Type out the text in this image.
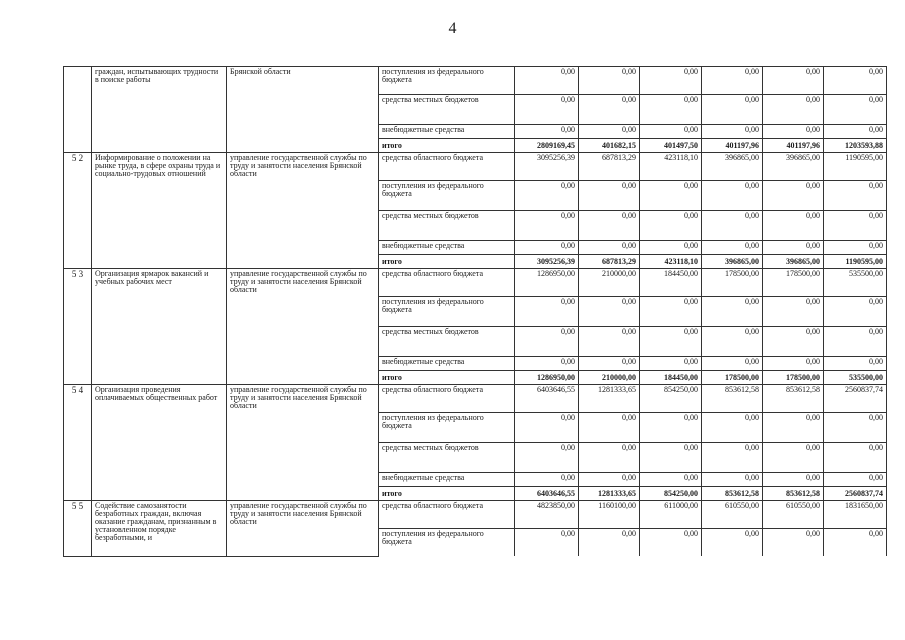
4
	граждан, испытывающих трудности в поиске работы	Брянской области	поступления из федерального бюджета	0,00	0,00	0,00	0,00	0,00	0,00
			средства местных бюджетов	0,00	0,00	0,00	0,00	0,00	0,00
			внебюджетные средства	0,00	0,00	0,00	0,00	0,00	0,00
			итого	2809169,45	401682,15	401497,50	401197,96	401197,96	1203593,88
5 2	Информирование о положении на рынке труда, в сфере охраны труда и социально-трудовых отношений	управление государственной службы по труду и занятости населения Брянской области	средства областного бюджета	3095256,39	687813,29	423118,10	396865,00	396865,00	1190595,00
			поступления из федерального бюджета	0,00	0,00	0,00	0,00	0,00	0,00
			средства местных бюджетов	0,00	0,00	0,00	0,00	0,00	0,00
			внебюджетные средства	0,00	0,00	0,00	0,00	0,00	0,00
			итого	3095256,39	687813,29	423118,10	396865,00	396865,00	1190595,00
5 3	Организация ярмарок вакансий и учебных рабочих мест	управление государственной службы по труду и занятости населения Брянской области	средства областного бюджета	1286950,00	210000,00	184450,00	178500,00	178500,00	535500,00
			поступления из федерального бюджета	0,00	0,00	0,00	0,00	0,00	0,00
			средства местных бюджетов	0,00	0,00	0,00	0,00	0,00	0,00
			внебюджетные средства	0,00	0,00	0,00	0,00	0,00	0,00
			итого	1286950,00	210000,00	184450,00	178500,00	178500,00	535500,00
5 4	Организация проведения оплачиваемых общественных работ	управление государственной службы по труду и занятости населения Брянской области	средства областного бюджета	6403646,55	1281333,65	854250,00	853612,58	853612,58	2560837,74
			поступления из федерального бюджета	0,00	0,00	0,00	0,00	0,00	0,00
			средства местных бюджетов	0,00	0,00	0,00	0,00	0,00	0,00
			внебюджетные средства	0,00	0,00	0,00	0,00	0,00	0,00
			итого	6403646,55	1281333,65	854250,00	853612,58	853612,58	2560837,74
5 5	Содействие самозанятости безработных граждан, включая оказание гражданам, признанным в установленном порядке безработными, и	управление государственной службы по труду и занятости населения Брянской области	средства областного бюджета	4823850,00	1160100,00	611000,00	610550,00	610550,00	1831650,00
			поступления из федерального бюджета	0,00	0,00	0,00	0,00	0,00	0,00
